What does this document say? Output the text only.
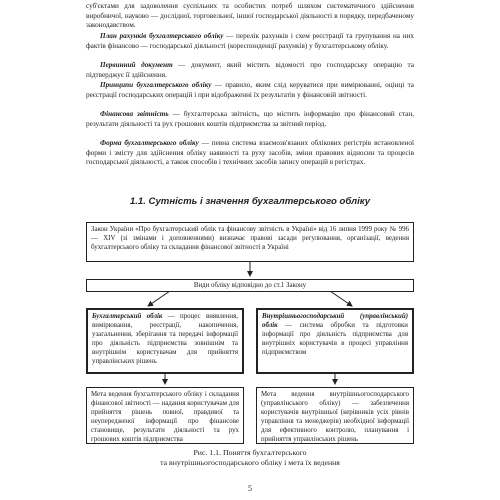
суб'єктами для задоволення суспільних та особистих потреб шляхом систематичного здійснення виробничої, науково — дослідної, торговельної, іншої господарської діяльності в порядку, передбаченому законодавством.

План рахунків бухгалтерського обліку — перелік рахунків і схем реєстрації та групування на них фактів фінансово — господарської діяльності (кореспонденції рахунків) у бухгалтерському обліку.

Первинний документ — документ, який містить відомості про господарську операцію та підтверджує її здійснення.

Принципи бухгалтерського обліку — правило, яким слід керуватися при вимірюванні, оцінці та реєстрації господарських операцій і при відображенні їх результатів у фінансовій звітності.

Фінансова звітність — бухгалтерська звітність, що містить інформацію про фінансовий стан, результати діяльності та рух грошових коштів підприємства за звітний період.

Форма бухгалтерського обліку — певна система взаємозв'язаних облікових регістрів встановленої форми і змісту для здійснення обліку наявності та руху засобів, зміни правових відносин та процесів господарської діяльності, а також способів і технічних засобів запису операцій в регістрах.

1.1. Сутність і значення бухгалтерського обліку
Закон України «Про бухгалтерський облік та фінансову звітність в Україні» від 16 липня 1999 року № 996 — XIV (зі змінами і доповненнями) визначає правові засади регулювання, організації, ведення бухгалтерського обліку та складання фінансової звітності в Україні
Види обліку відповідно до ст.1 Закону
Бухгалтерський облік — процес виявлення, вимірювання, реєстрації, накопичення, узагальнення, зберігання та передачі інформації про діяльність підприємства зовнішнім та внутрішнім користувачам для прийняття управлінських рішень
Внутрішньогосподарський (управлінський) облік — система обробки та підготовки інформації про діяльність підприємства для внутрішніх користувачів в процесі управління підприємством
Мета ведення бухгалтерського обліку і складання фінансової звітності — надання користувачам для прийняття рішень повної, правдивої та неупередженої інформації про фінансове становище, результати діяльності та рух грошових коштів підприємства
Мета ведення внутрішньогосподарського (управлінського обліку) — забезпечення користувачів внутрішньої (керівників усіх рівнів управління та менеджерів) необхідної інформації для ефективного контролю, планування і прийняття управлінських рішень
Рис. 1.1. Поняття бухгалтерського
та внутрішньогосподарського обліку і мета їх ведення
5
